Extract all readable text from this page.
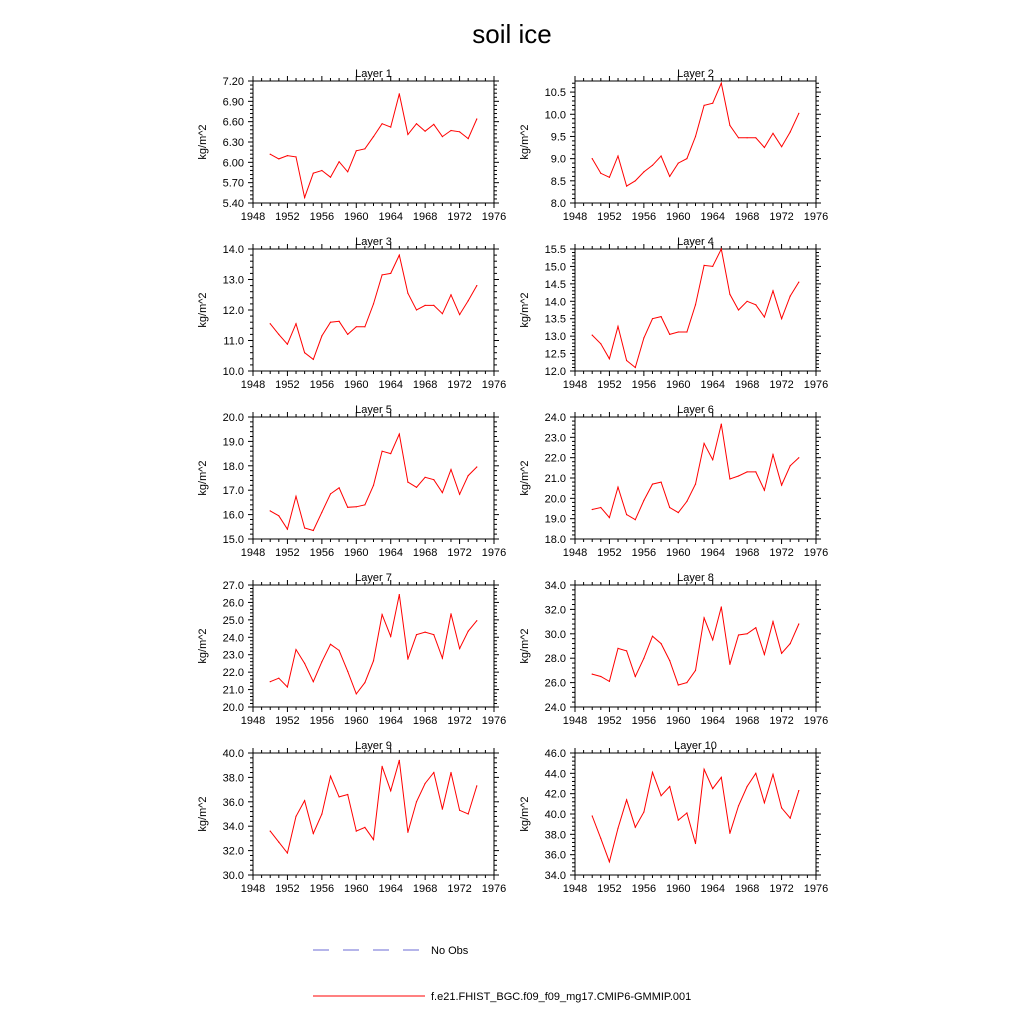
soil ice
Layer 1
kg/m^2
1948 1952 1956 1960 1964 1968 1972 1976
5.40
5.70
6.00
6.30
6.60
6.90
7.20
Layer 2
kg/m^2
1948 1952 1956 1960 1964 1968 1972 1976
8.0
8.5
9.0
9.5
10.0
10.5
Layer 3
kg/m^2
1948 1952 1956 1960 1964 1968 1972 1976
10.0
11.0
12.0
13.0
14.0
Layer 4
kg/m^2
1948 1952 1956 1960 1964 1968 1972 1976
12.0
12.5
13.0
13.5
14.0
14.5
15.0
15.5
Layer 5
kg/m^2
1948 1952 1956 1960 1964 1968 1972 1976
15.0
16.0
17.0
18.0
19.0
20.0
Layer 6
kg/m^2
1948 1952 1956 1960 1964 1968 1972 1976
18.0
19.0
20.0
21.0
22.0
23.0
24.0
Layer 7
kg/m^2
1948 1952 1956 1960 1964 1968 1972 1976
20.0
21.0
22.0
23.0
24.0
25.0
26.0
27.0
Layer 8
kg/m^2
1948 1952 1956 1960 1964 1968 1972 1976
24.0
26.0
28.0
30.0
32.0
34.0
Layer 9
kg/m^2
1948 1952 1956 1960 1964 1968 1972 1976
30.0
32.0
34.0
36.0
38.0
40.0
Layer 10
kg/m^2
1948 1952 1956 1960 1964 1968 1972 1976
34.0
36.0
38.0
40.0
42.0
44.0
46.0
No Obs
f.e21.FHIST_BGC.f09_f09_mg17.CMIP6-GMMIP.001
